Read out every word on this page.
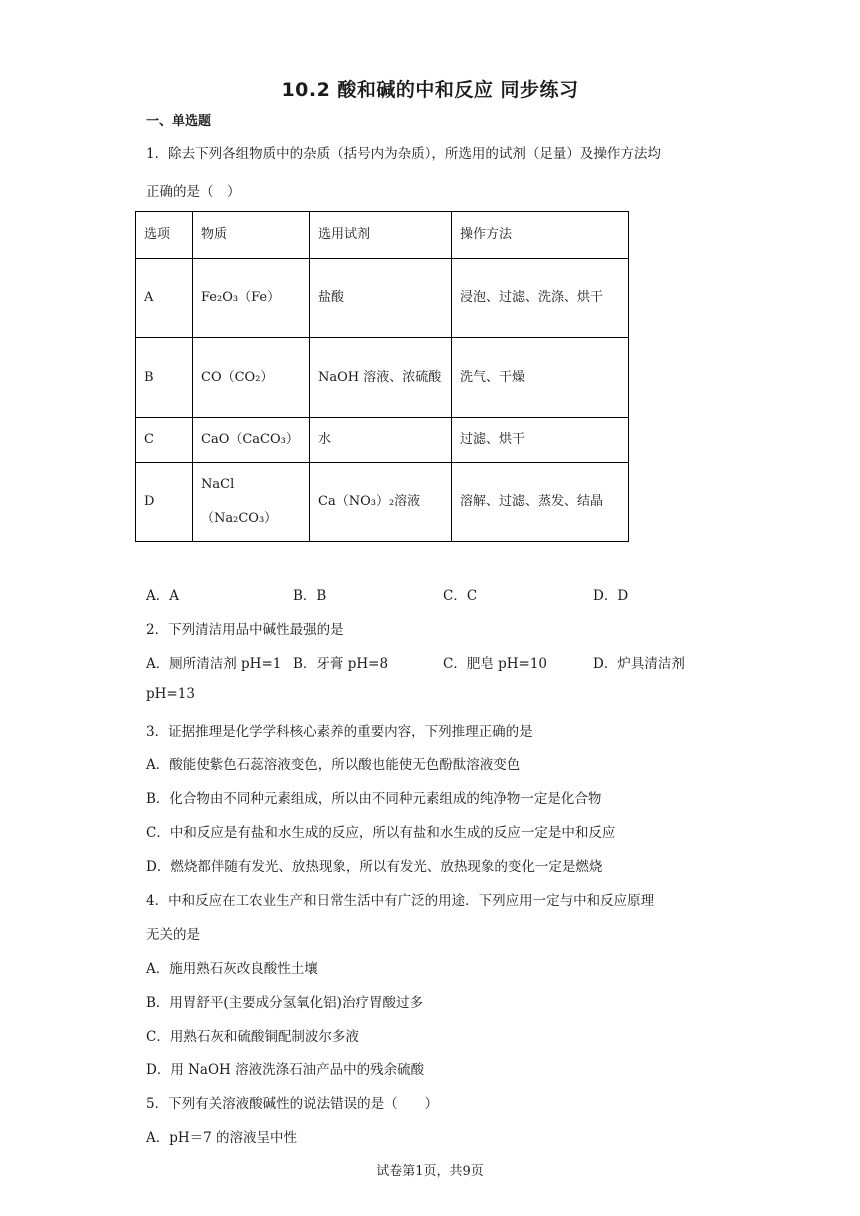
10.2 酸和碱的中和反应 同步练习
一、单选题
1．除去下列各组物质中的杂质（括号内为杂质），所选用的试剂（足量）及操作方法均
正确的是（　）
选项	物质	选用试剂	操作方法
A	Fe₂O₃（Fe）	盐酸	浸泡、过滤、洗涤、烘干

B	CO（CO₂）	NaOH 溶液、浓硫酸	洗气、干燥
C	CaO（CaCO₃）	水	过滤、烘干
D	NaCl（Na₂CO₃）	Ca（NO₃）₂溶液	溶解、过滤、蒸发、结晶
A．A	B．B	C．C	D．D
2．下列清洁用品中碱性最强的是
A．厕所清洁剂 pH=1 B．牙膏 pH=8	C．肥皂 pH=10	D．炉具清洁剂
pH=13
3．证据推理是化学学科核心素养的重要内容，下列推理正确的是
A．酸能使紫色石蕊溶液变色，所以酸也能使无色酚酞溶液变色
B．化合物由不同种元素组成，所以由不同种元素组成的纯净物一定是化合物
C．中和反应是有盐和水生成的反应，所以有盐和水生成的反应一定是中和反应
D．燃烧都伴随有发光、放热现象，所以有发光、放热现象的变化一定是燃烧
4．中和反应在工农业生产和日常生活中有广泛的用途．下列应用一定与中和反应原理
无关的是
A．施用熟石灰改良酸性土壤
B．用胃舒平(主要成分氢氧化铝)治疗胃酸过多
C．用熟石灰和硫酸铜配制波尔多液
D．用 NaOH 溶液洗涤石油产品中的残余硫酸
5．下列有关溶液酸碱性的说法错误的是（　　）
A．pH＝7 的溶液呈中性
试卷第1页，共9页
